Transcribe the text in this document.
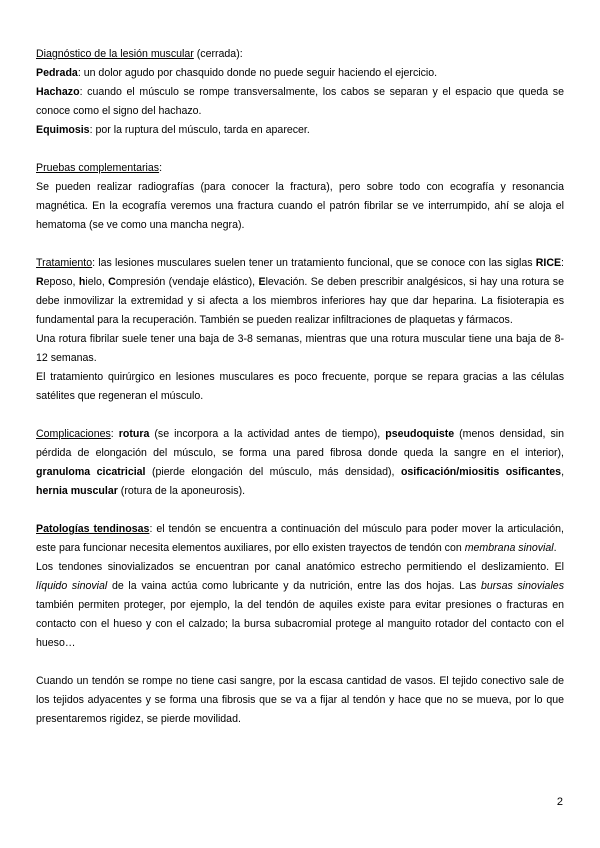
Diagnóstico de la lesión muscular (cerrada):

Pedrada: un dolor agudo por chasquido donde no puede seguir haciendo el ejercicio.

Hachazo: cuando el músculo se rompe transversalmente, los cabos se separan y el espacio que queda se conoce como el signo del hachazo.

Equimosis: por la ruptura del músculo, tarda en aparecer.

Pruebas complementarias:

Se pueden realizar radiografías (para conocer la fractura), pero sobre todo con ecografía y resonancia magnética. En la ecografía veremos una fractura cuando el patrón fibrilar se ve interrumpido, ahí se aloja el hematoma (se ve como una mancha negra).

Tratamiento: las lesiones musculares suelen tener un tratamiento funcional, que se conoce con las siglas RICE: Reposo, hielo, Compresión (vendaje elástico), Elevación. Se deben prescribir analgésicos, si hay una rotura se debe inmovilizar la extremidad y si afecta a los miembros inferiores hay que dar heparina. La fisioterapia es fundamental para la recuperación. También se pueden realizar infiltraciones de plaquetas y fármacos.

Una rotura fibrilar suele tener una baja de 3-8 semanas, mientras que una rotura muscular tiene una baja de 8-12 semanas.

El tratamiento quirúrgico en lesiones musculares es poco frecuente, porque se repara gracias a las células satélites que regeneran el músculo.

Complicaciones: rotura (se incorpora a la actividad antes de tiempo), pseudoquiste (menos densidad, sin pérdida de elongación del músculo, se forma una pared fibrosa donde queda la sangre en el interior), granuloma cicatricial (pierde elongación del músculo, más densidad), osificación/miositis osificantes, hernia muscular (rotura de la aponeurosis).

Patologías tendinosas: el tendón se encuentra a continuación del músculo para poder mover la articulación, este para funcionar necesita elementos auxiliares, por ello existen trayectos de tendón con membrana sinovial.

Los tendones sinovializados se encuentran por canal anatómico estrecho permitiendo el deslizamiento. El líquido sinovial de la vaina actúa como lubricante y da nutrición, entre las dos hojas. Las bursas sinoviales también permiten proteger, por ejemplo, la del tendón de aquiles existe para evitar presiones o fracturas en contacto con el hueso y con el calzado; la bursa subacromial protege al manguito rotador del contacto con el hueso…

Cuando un tendón se rompe no tiene casi sangre, por la escasa cantidad de vasos. El tejido conectivo sale de los tejidos adyacentes y se forma una fibrosis que se va a fijar al tendón y hace que no se mueva, por lo que presentaremos rigidez, se pierde movilidad.

2
